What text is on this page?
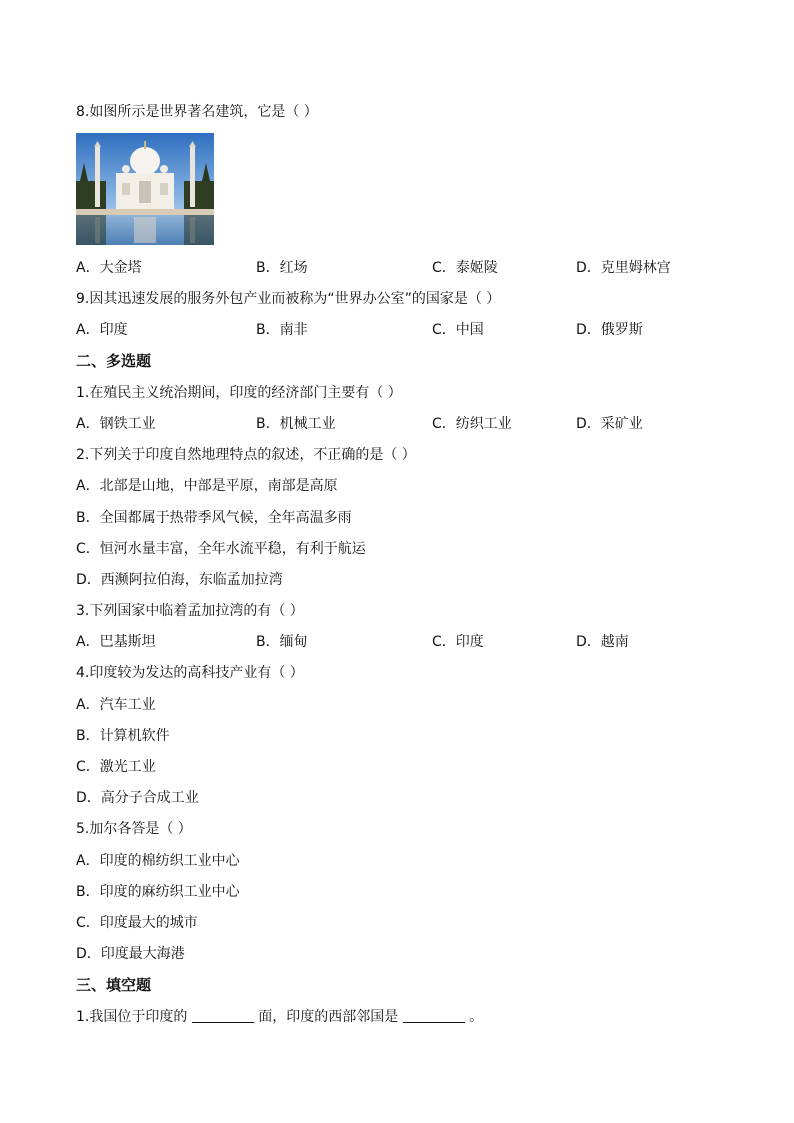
8.如图所示是世界著名建筑，它是（ ）
A．大金塔	B．红场	C．泰姬陵	D．克里姆林宫
9.因其迅速发展的服务外包产业而被称为“世界办公室”的国家是（ ）
A．印度	B．南非	C．中国	D．俄罗斯
二、多选题
1.在殖民主义统治期间，印度的经济部门主要有（ ）
A．钢铁工业	B．机械工业	C．纺织工业	D．采矿业
2.下列关于印度自然地理特点的叙述，不正确的是（ ）
A．北部是山地，中部是平原，南部是高原
B．全国都属于热带季风气候，全年高温多雨
C．恒河水量丰富，全年水流平稳，有利于航运
D．西濒阿拉伯海，东临孟加拉湾
3.下列国家中临着孟加拉湾的有（ ）
A．巴基斯坦	B．缅甸	C．印度	D．越南
4.印度较为发达的高科技产业有（ ）
A．汽车工业
B．计算机软件
C．激光工业
D．高分子合成工业
5.加尔各答是（ ）
A．印度的棉纺织工业中心
B．印度的麻纺织工业中心
C．印度最大的城市
D．印度最大海港
三、填空题
1.我国位于印度的	面，印度的西部邻国是	。
